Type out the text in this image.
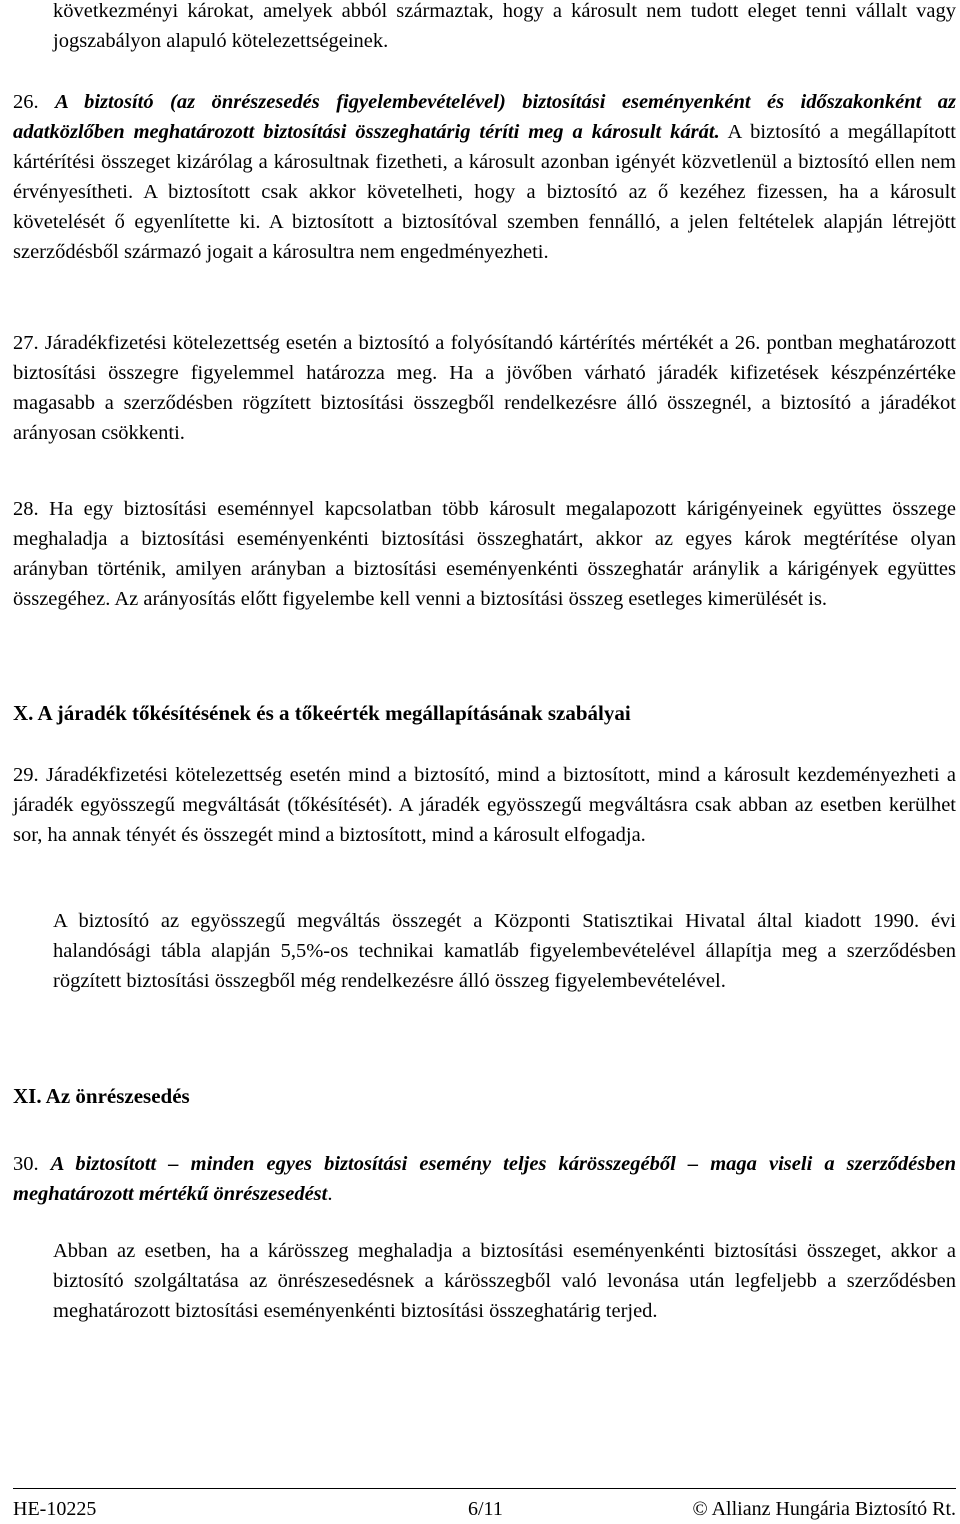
következményi károkat, amelyek abból származtak, hogy a károsult nem tudott eleget tenni vállalt vagy jogszabályon alapuló kötelezettségeinek.

26. A biztosító (az önrészesedés figyelembevételével) biztosítási eseményenként és időszakonként az adatközlőben meghatározott biztosítási összeghatárig téríti meg a károsult kárát. A biztosító a megállapított kártérítési összeget kizárólag a károsultnak fizetheti, a károsult azonban igényét közvetlenül a biztosító ellen nem érvényesítheti. A biztosított csak akkor követelheti, hogy a biztosító az ő kezéhez fizessen, ha a károsult követelését ő egyenlítette ki. A biztosított a biztosítóval szemben fennálló, a jelen feltételek alapján létrejött szerződésből származó jogait a károsultra nem engedményezheti.

27. Járadékfizetési kötelezettség esetén a biztosító a folyósítandó kártérítés mértékét a 26. pontban meghatározott biztosítási összegre figyelemmel határozza meg. Ha a jövőben várható járadék kifizetések készpénzértéke magasabb a szerződésben rögzített biztosítási összegből rendelkezésre álló összegnél, a biztosító a járadékot arányosan csökkenti.

28. Ha egy biztosítási eseménnyel kapcsolatban több károsult megalapozott kárigényeinek együttes összege meghaladja a biztosítási eseményenkénti biztosítási összeghatárt, akkor az egyes károk megtérítése olyan arányban történik, amilyen arányban a biztosítási eseményenkénti összeghatár aránylik a kárigények együttes összegéhez. Az arányosítás előtt figyelembe kell venni a biztosítási összeg esetleges kimerülését is.

X. A járadék tőkésítésének és a tőkeérték megállapításának szabályai

29. Járadékfizetési kötelezettség esetén mind a biztosító, mind a biztosított, mind a károsult kezdeményezheti a járadék egyösszegű megváltását (tőkésítését). A járadék egyösszegű megváltásra csak abban az esetben kerülhet sor, ha annak tényét és összegét mind a biztosított, mind a károsult elfogadja.

A biztosító az egyösszegű megváltás összegét a Központi Statisztikai Hivatal által kiadott 1990. évi halandósági tábla alapján 5,5%-os technikai kamatláb figyelembevételével állapítja meg a szerződésben rögzített biztosítási összegből még rendelkezésre álló összeg figyelembevételével.

XI. Az önrészesedés

30. A biztosított – minden egyes biztosítási esemény teljes kárösszegéből – maga viseli a szerződésben meghatározott mértékű önrészesedést.

Abban az esetben, ha a kárösszeg meghaladja a biztosítási eseményenkénti biztosítási összeget, akkor a biztosító szolgáltatása az önrészesedésnek a kárösszegből való levonása után legfeljebb a szerződésben meghatározott biztosítási eseményenkénti biztosítási összeghatárig terjed.

HE-10225	6/11	© Allianz Hungária Biztosító Rt.
